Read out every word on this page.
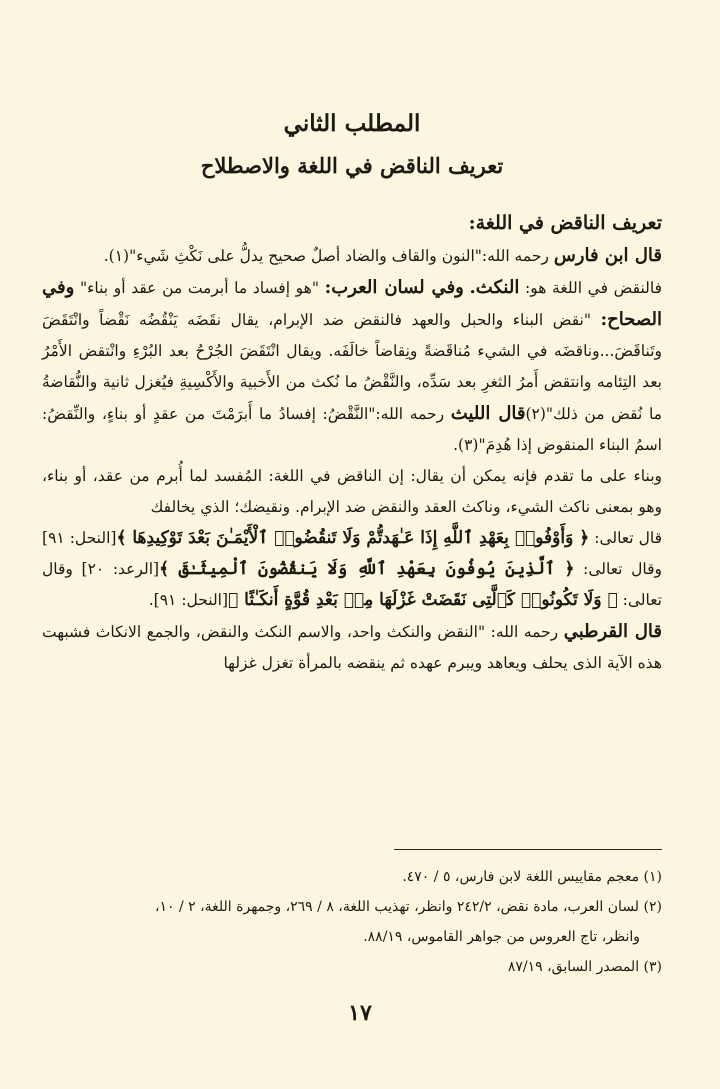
المطلب الثاني
تعريف الناقض في اللغة والاصطلاح
تعريف الناقض في اللغة:

قال ابن فارس رحمه الله:"النون والقاف والضاد أصلٌ صحيح يدلُّ على نَكْثِ شَيء"(١).

فالنقض في اللغة هو: النكث. وفي لسان العرب: "هو إفساد ما أبرمت من عقد أو بناء" وفي الصحاح: "نقض البناء والحبل والعهد فالنقض ضد الإبرام، يقال نقَضَه يَنْقُضُه نَقْضاً وانْتَقَضَ وتَناقَضَ...وناقضَه في الشيء مُناقَضةً ونِقاضاً خالَفَه. ويقال انْتَقَضَ الجُرْحُ بعد البُرْءِ وانْتقض الأَمْرُ بعد التِئامه وانتقض أَمرُ الثغرِ بعد سَدِّه، والنَّقْضُ ما نُكث من الأَخبية والأَكْسِيةِ فيُغزل ثانية والنُّقاضةُ ما نُقض من ذلك"(٢)قال الليث رحمه الله:"النَّقْضُ: إفسادُ ما أَبرَمْتَ من عقدٍ أو بناءٍ، والنِّقضُ: اسمُ البناء المنقوض إذا هُدِمَ"(٣).

وبناء على ما تقدم فإنه يمكن أن يقال: إن الناقض في اللغة: المُفسد لما أُبرم من عقد، أو بناء، وهو بمعنى ناكث الشيء، وناكث العقد والنقض ضد الإبرام. ونقيضك؛ الذي يخالفك

قال تعالى: ﴿ وَأَوْفُوا۟ بِعَهْدِ ٱللَّهِ إِذَا عَـٰهَدتُّمْ وَلَا تَنقُضُوا۟ ٱلْأَيْمَـٰنَ بَعْدَ تَوْكِيدِهَا ﴾[النحل: ٩١] وقال تعالى: ﴿ ٱلَّذِينَ يُوفُونَ بِعَهْدِ ٱللَّهِ وَلَا يَنقُضُونَ ٱلْمِيثَـٰقَ ﴾[الرعد: ٢٠] وقال تعالى: ﴿ وَلَا تَكُونُوا۟ كَٱلَّتِى نَقَضَتْ غَزْلَهَا مِنۢ بَعْدِ قُوَّةٍ أَنكَـٰثًا ﴾[النحل: ٩١].

قال القرطبي رحمه الله: "النقض والنكث واحد، والاسم النكث والنقض، والجمع الانكاث فشبهت هذه الآية الذى يحلف ويعاهد ويبرم عهده ثم ينقضه بالمرأة تغزل غزلها

(١) معجم مقاييس اللغة لابن فارس، ٥ / ٤٧٠.

(٢) لسان العرب، مادة نقض، ٢٤٢/٢ وانظر، تهذيب اللغة، ٨ / ٢٦٩، وجمهرة اللغة، ٢ / ١٠،

وانظر، تاج العروس من جواهر القاموس، ٨٨/١٩.

(٣) المصدر السابق، ٨٧/١٩

١٧
